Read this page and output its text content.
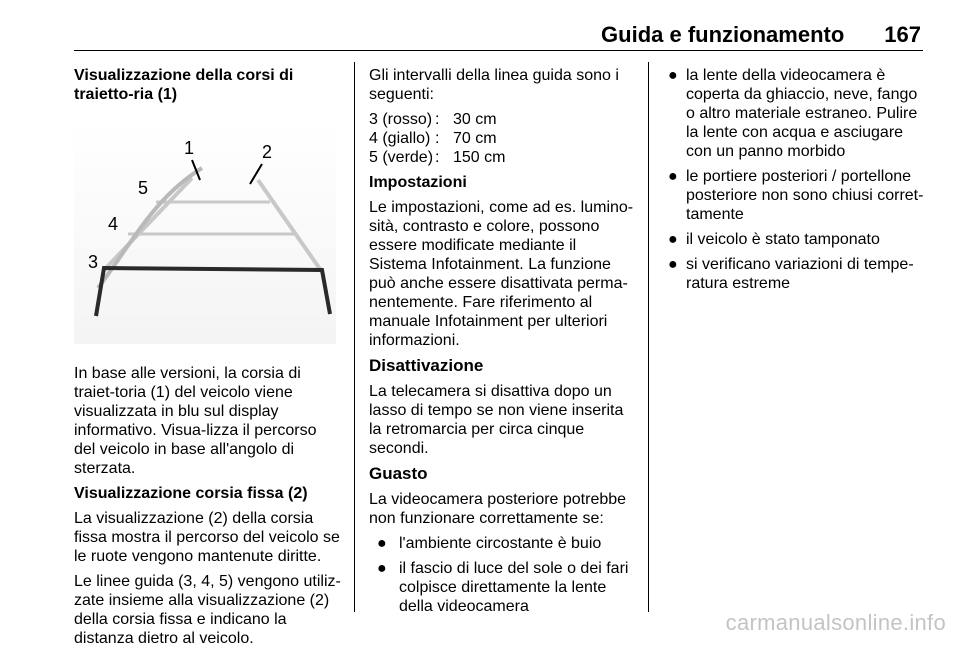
Guida e funzionamento 167

Visualizzazione della corsi di traietto-ria (1)

1	2
3
4
5

In base alle versioni, la corsia di traiet-toria (1) del veicolo viene visualizzata in blu sul display informativo. Visua-lizza il percorso del veicolo in base all'angolo di sterzata.

Visualizzazione corsia fissa (2)

La visualizzazione (2) della corsia fissa mostra il percorso del veicolo se le ruote vengono mantenute diritte.

Le linee guida (3, 4, 5) vengono utiliz-zate insieme alla visualizzazione (2) della corsia fissa e indicano la distanza dietro al veicolo.

Gli intervalli della linea guida sono i seguenti:

3 (rosso)	:	30 cm
4 (giallo)	:	70 cm
5 (verde)	:	150 cm

Impostazioni

Le impostazioni, come ad es. lumino-sità, contrasto e colore, possono essere modificate mediante il Sistema Infotainment. La funzione può anche essere disattivata perma-nentemente. Fare riferimento al manuale Infotainment per ulteriori informazioni.

Disattivazione

La telecamera si disattiva dopo un lasso di tempo se non viene inserita la retromarcia per circa cinque secondi.

Guasto

La videocamera posteriore potrebbe non funzionare correttamente se:

● l'ambiente circostante è buio
● il fascio di luce del sole o dei fari colpisce direttamente la lente della videocamera
● la lente della videocamera è coperta da ghiaccio, neve, fango o altro materiale estraneo. Pulire la lente con acqua e asciugare con un panno morbido
● le portiere posteriori / portellone posteriore non sono chiusi corret-tamente
● il veicolo è stato tamponato
● si verificano variazioni di tempe-ratura estreme
carmanualsonline.info
